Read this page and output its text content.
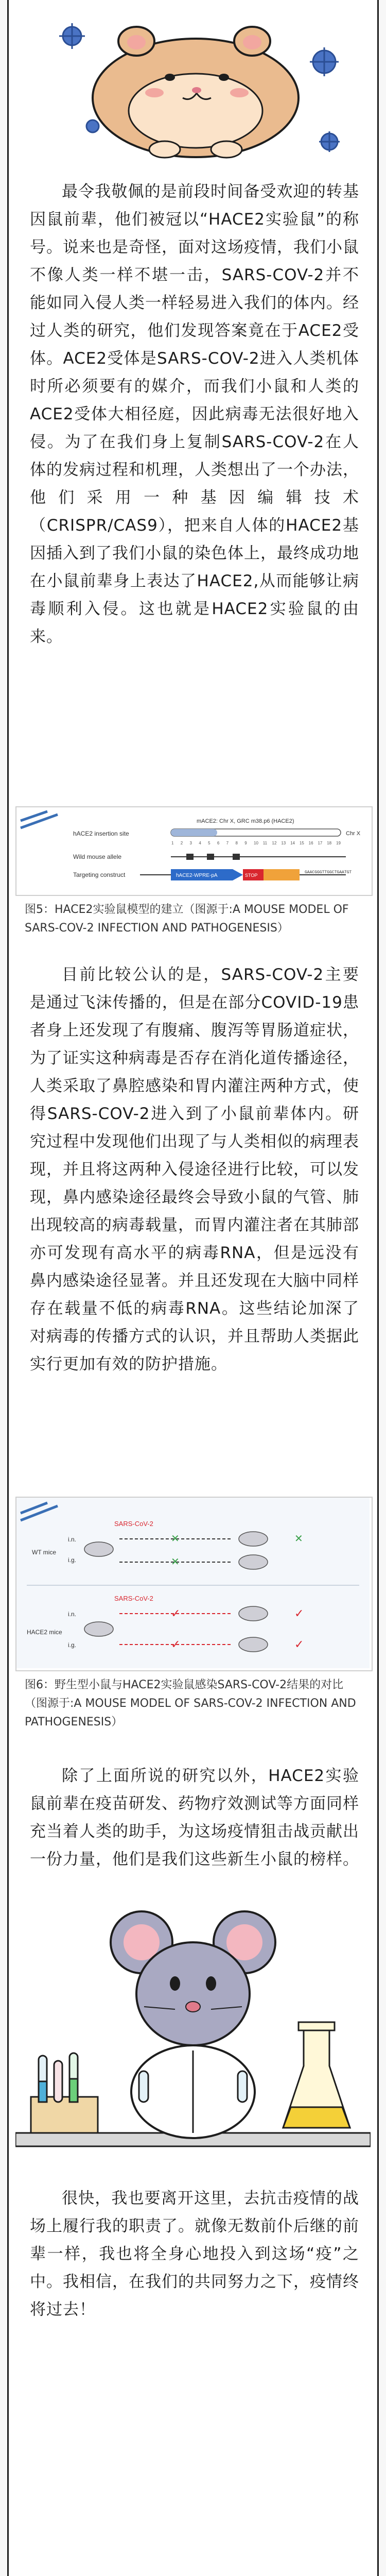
最令我敬佩的是前段时间备受欢迎的转基因鼠前辈，他们被冠以“HACE2实验鼠”的称号。说来也是奇怪，面对这场疫情，我们小鼠不像人类一样不堪一击，SARS-COV-2并不能如同入侵人类一样轻易进入我们的体内。经过人类的研究，他们发现答案竟在于ACE2受体。ACE2受体是SARS-COV-2进入人类机体时所必须要有的媒介，而我们小鼠和人类的ACE2受体大相径庭，因此病毒无法很好地入侵。为了在我们身上复制SARS-COV-2在人体的发病过程和机理，人类想出了一个办法，他们采用一种基因编辑技术（CRISPR/CAS9），把来自人体的HACE2基因插入到了我们小鼠的染色体上，最终成功地在小鼠前辈身上表达了HACE2,从而能够让病毒顺利入侵。这也就是HACE2实验鼠的由来。

mACE2: Chr X, GRC m38.p6 (HACE2)
hACE2 insertion site	Chr X
1 2 3 4 5 6 7 8 9 10 11 12 13 14 15 16 17 18 19
Wild mouse allele
Targeting construct	STOP
hACE2-WPRE-pA
GAACGGGTTGGCTGAATGT

图5：HACE2实验鼠模型的建立（图源于:A MOUSE MODEL OF SARS-COV-2 INFECTION AND PATHOGENESIS）

目前比较公认的是，SARS-COV-2主要是通过飞沫传播的，但是在部分COVID-19患者身上还发现了有腹痛、腹泻等胃肠道症状，为了证实这种病毒是否存在消化道传播途径，人类采取了鼻腔感染和胃内灌注两种方式，使得SARS-COV-2进入到了小鼠前辈体内。研究过程中发现他们出现了与人类相似的病理表现，并且将这两种入侵途径进行比较，可以发现，鼻内感染途径最终会导致小鼠的气管、肺出现较高的病毒载量，而胃内灌注者在其肺部亦可发现有高水平的病毒RNA，但是远没有鼻内感染途径显著。并且还发现在大脑中同样存在载量不低的病毒RNA。这些结论加深了对病毒的传播方式的认识，并且帮助人类据此实行更加有效的防护措施。

SARS-CoV-2
i.n.
i.g.
WT mice
✕
✕
✕
SARS-CoV-2
i.n.
i.g.
HACE2 mice
✓
✓
✓
✓

图6：野生型小鼠与HACE2实验鼠感染SARS-COV-2结果的对比 （图源于:A MOUSE MODEL OF SARS-COV-2 INFECTION AND PATHOGENESIS）

除了上面所说的研究以外，HACE2实验鼠前辈在疫苗研发、药物疗效测试等方面同样充当着人类的助手，为这场疫情狙击战贡献出一份力量，他们是我们这些新生小鼠的榜样。

很快，我也要离开这里，去抗击疫情的战场上履行我的职责了。就像无数前仆后继的前辈一样，我也将全身心地投入到这场“疫”之中。我相信，在我们的共同努力之下，疫情终将过去！
